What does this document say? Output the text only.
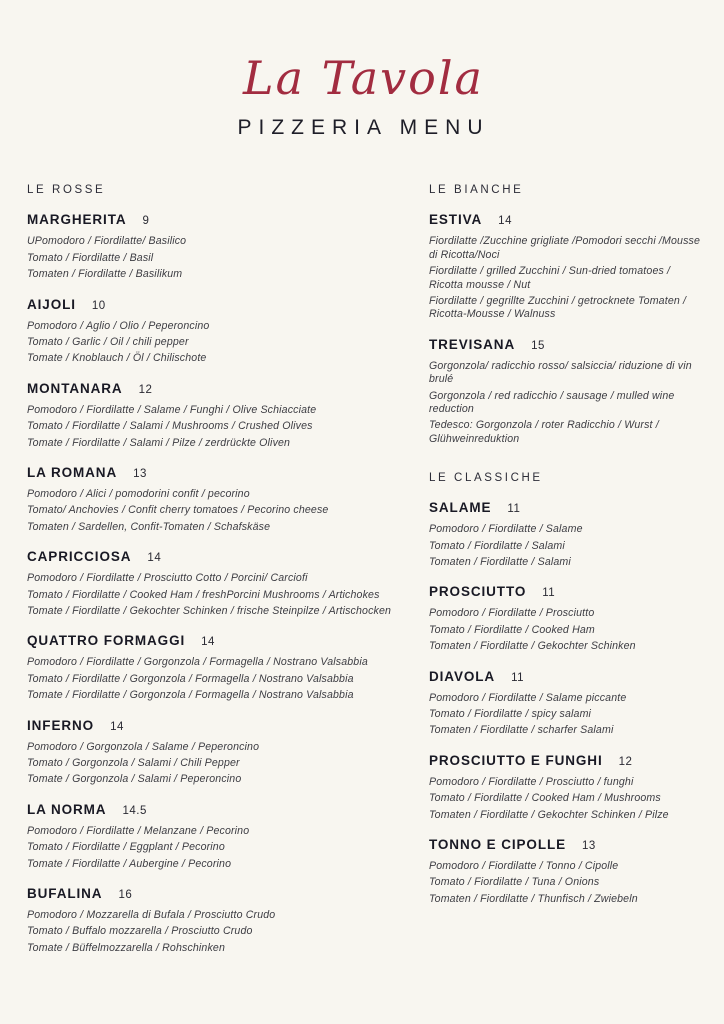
La Tavola
PIZZERIA MENU
LE ROSSE
MARGHERITA 9

UPomodoro / Fiordilatte/ Basilico

Tomato / Fiordilatte / Basil

Tomaten / Fiordilatte / Basilikum

AIJOLI 10

Pomodoro / Aglio / Olio / Peperoncino

Tomato / Garlic / Oil / chili pepper

Tomate / Knoblauch / Öl / Chilischote

MONTANARA 12

Pomodoro / Fiordilatte / Salame / Funghi / Olive Schiacciate

Tomato / Fiordilatte / Salami / Mushrooms / Crushed Olives

Tomate / Fiordilatte / Salami / Pilze / zerdrückte Oliven

LA ROMANA 13

Pomodoro / Alici / pomodorini confit / pecorino

Tomato/ Anchovies / Confit cherry tomatoes / Pecorino cheese

Tomaten / Sardellen, Confit-Tomaten / Schafskäse

CAPRICCIOSA 14

Pomodoro / Fiordilatte / Prosciutto Cotto / Porcini/ Carciofi

Tomato / Fiordilatte / Cooked Ham / freshPorcini Mushrooms / Artichokes

Tomate / Fiordilatte / Gekochter Schinken / frische Steinpilze / Artischocken

QUATTRO FORMAGGI 14

Pomodoro / Fiordilatte / Gorgonzola / Formagella / Nostrano Valsabbia

Tomato / Fiordilatte / Gorgonzola / Formagella / Nostrano Valsabbia

Tomate / Fiordilatte / Gorgonzola / Formagella / Nostrano Valsabbia

INFERNO 14

Pomodoro / Gorgonzola / Salame / Peperoncino

Tomato / Gorgonzola / Salami / Chili Pepper

Tomate / Gorgonzola / Salami / Peperoncino

LA NORMA 14.5

Pomodoro / Fiordilatte / Melanzane / Pecorino

Tomato / Fiordilatte / Eggplant / Pecorino

Tomate / Fiordilatte / Aubergine / Pecorino

BUFALINA 16

Pomodoro / Mozzarella di Bufala / Prosciutto Crudo

Tomato / Buffalo mozzarella / Prosciutto Crudo

Tomate / Büffelmozzarella / Rohschinken

LE BIANCHE
ESTIVA 14

Fiordilatte /Zucchine grigliate /Pomodori secchi /Mousse di Ricotta/Noci

Fiordilatte / grilled Zucchini / Sun-dried tomatoes / Ricotta mousse / Nut

Fiordilatte / gegrillte Zucchini / getrocknete Tomaten / Ricotta-Mousse / Walnuss

TREVISANA 15

Gorgonzola/ radicchio rosso/ salsiccia/ riduzione di vin brulé

Gorgonzola / red radicchio / sausage / mulled wine reduction

Tedesco: Gorgonzola / roter Radicchio / Wurst / Glühweinreduktion

LE CLASSICHE
SALAME 11

Pomodoro / Fiordilatte / Salame

Tomato / Fiordilatte / Salami

Tomaten / Fiordilatte / Salami

PROSCIUTTO 11

Pomodoro / Fiordilatte / Prosciutto

Tomato / Fiordilatte / Cooked Ham

Tomaten / Fiordilatte / Gekochter Schinken

DIAVOLA 11

Pomodoro / Fiordilatte / Salame piccante

Tomato / Fiordilatte / spicy salami

Tomaten / Fiordilatte / scharfer Salami

PROSCIUTTO E FUNGHI 12

Pomodoro / Fiordilatte / Prosciutto / funghi

Tomato / Fiordilatte / Cooked Ham / Mushrooms

Tomaten / Fiordilatte / Gekochter Schinken / Pilze

TONNO E CIPOLLE 13

Pomodoro / Fiordilatte / Tonno / Cipolle

Tomato / Fiordilatte / Tuna / Onions

Tomaten / Fiordilatte / Thunfisch / Zwiebeln
